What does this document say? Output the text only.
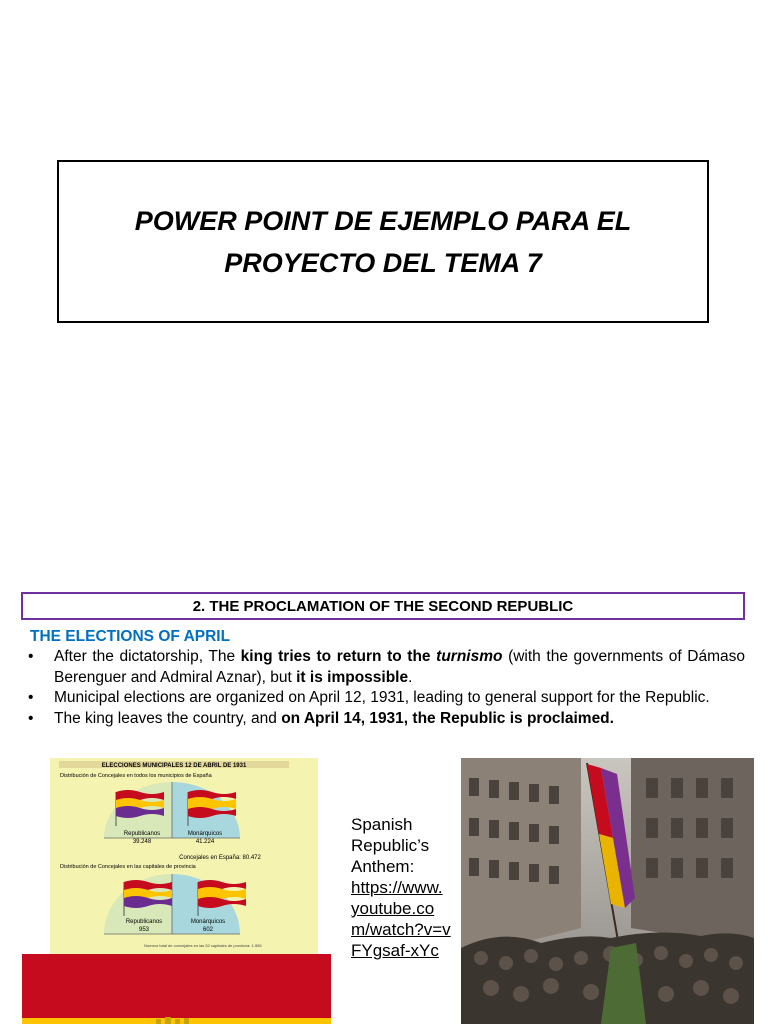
POWER POINT DE EJEMPLO PARA EL
PROYECTO DEL TEMA 7
2. THE PROCLAMATION OF THE SECOND REPUBLIC
THE ELECTIONS OF APRIL
• After the dictatorship, The king tries to return to the turnismo (with the governments of Dámaso Berenguer and Admiral Aznar), but it is impossible.
• Municipal elections are organized on April 12, 1931, leading to general support for the Republic.
• The king leaves the country, and on April 14, 1931, the Republic is proclaimed.
ELECCIONES MUNICIPALES 12 DE ABRIL DE 1931
Distribución de Concejales en todos los municipios de España
Republicanos
39.248
Monárquicos
41.224
Concejales en España: 80.472
Distribución de Concejales en las capitales de provincia
Republicanos
953
Monárquicos
602
Número total de concejales en las 52 capitales de provincia: 1.555
Spanish Republic’s Anthem:
https://www.youtube.com/watch?v=vFYgsaf-xYc
